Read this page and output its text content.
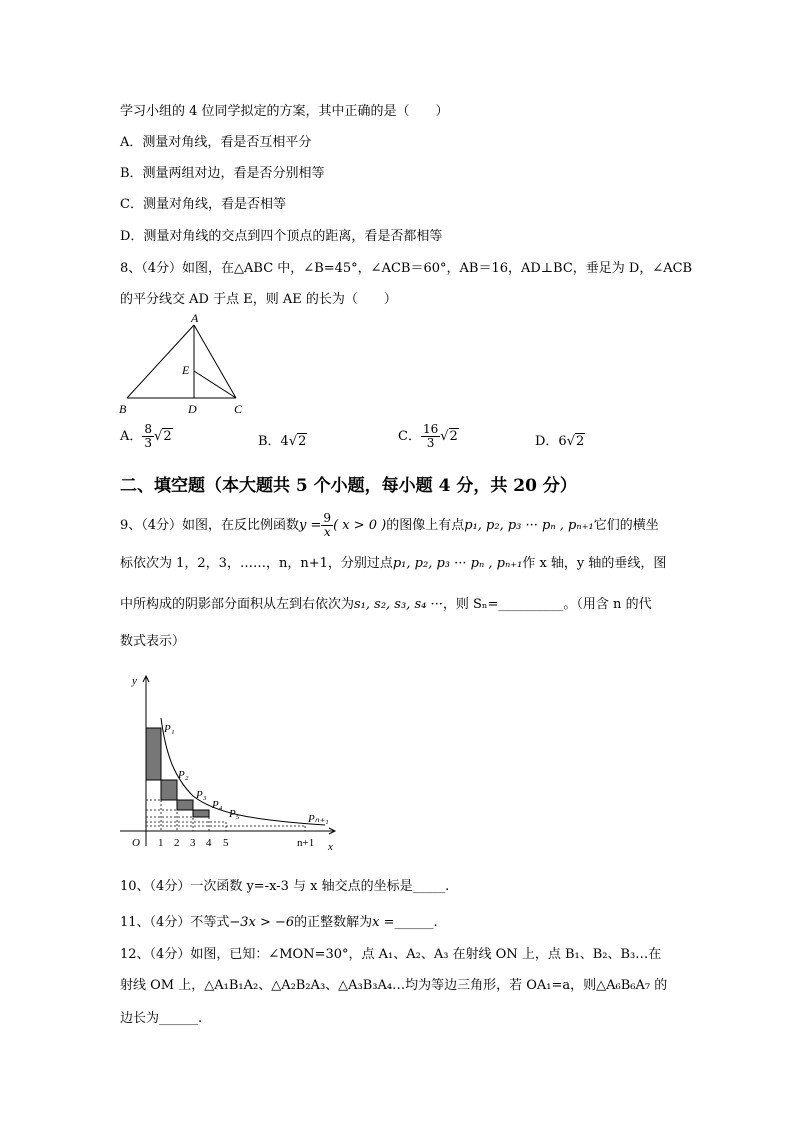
学习小组的 4 位同学拟定的方案，其中正确的是（　　）
A．测量对角线，看是否互相平分
B．测量两组对边，看是否分别相等
C．测量对角线，看是否相等
D．测量对角线的交点到四个顶点的距离，看是否都相等
8、（4分）如图，在△ABC 中，∠B=45°，∠ACB＝60°，AB＝16，AD⊥BC，垂足为 D，∠ACB
的平分线交 AD 于点 E，则 AE 的长为（　　）
A
B	D	C
E
A． $\frac{8}{3} √2$	B．4√2	C． $\frac{16}{3} √2$	D．6√2
二、填空题（本大题共 5 个小题，每小题 4 分，共 20 分）
9、（4分）如图，在反比例函数$y = \frac{9}{x}$( x > 0 )的图像上有点p₁, p₂, p₃ ··· pₙ , pₙ₊₁它们的横坐
标依次为 1，2，3，……，n，n+1，分别过点p₁, p₂, p₃ ··· pₙ , pₙ₊₁作 x 轴，y 轴的垂线，图
中所构成的阴影部分面积从左到右依次为s₁, s₂, s₃, s₄ ···，则 Sₙ=__________。（用含 n 的代
数式表示）
y
x
O
P₁
P₂
P₃
P₄
P₅	Pₙ₊₁
1 2 3 4 5	n+1
10、（4分）一次函数 y=-x-3 与 x 轴交点的坐标是_____.
11、（4分）不等式−3x > −6的正整数解为x =______.
12、（4分）如图，已知：∠MON=30°，点 A₁、A₂、A₃ 在射线 ON 上，点 B₁、B₂、B₃…在
射线 OM 上，△A₁B₁A₂、△A₂B₂A₃、△A₃B₃A₄…均为等边三角形，若 OA₁=a，则△A₆B₆A₇ 的
边长为______.
